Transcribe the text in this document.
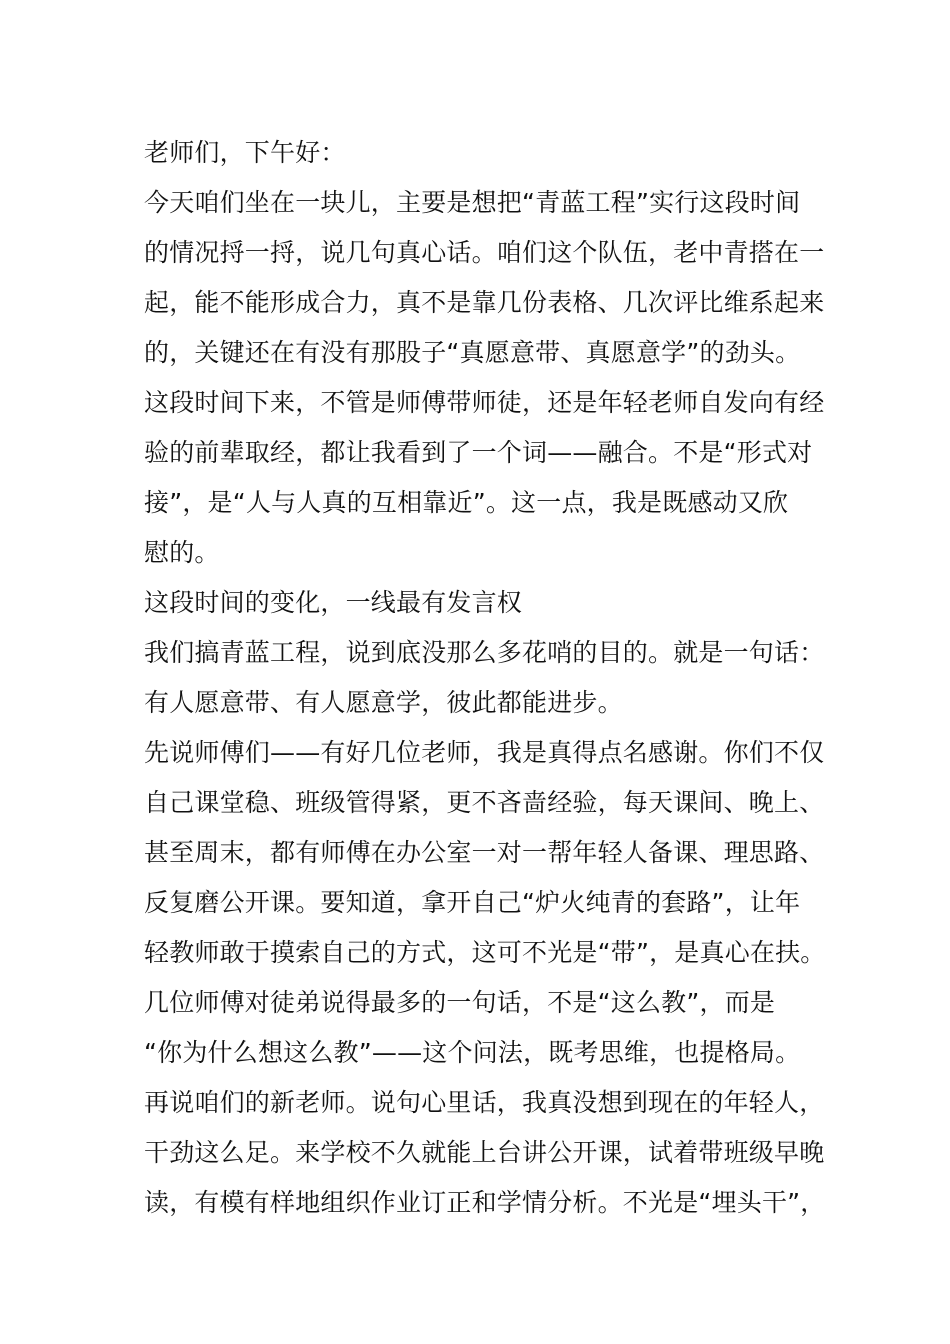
老师们，下午好：
今天咱们坐在一块儿，主要是想把“青蓝工程”实行这段时间
的情况捋一捋，说几句真心话。咱们这个队伍，老中青搭在一
起，能不能形成合力，真不是靠几份表格、几次评比维系起来
的，关键还在有没有那股子“真愿意带、真愿意学”的劲头。
这段时间下来，不管是师傅带师徒，还是年轻老师自发向有经
验的前辈取经，都让我看到了一个词——融合。不是“形式对
接”，是“人与人真的互相靠近”。这一点，我是既感动又欣
慰的。
这段时间的变化，一线最有发言权
我们搞青蓝工程，说到底没那么多花哨的目的。就是一句话：
有人愿意带、有人愿意学，彼此都能进步。
先说师傅们——有好几位老师，我是真得点名感谢。你们不仅
自己课堂稳、班级管得紧，更不吝啬经验，每天课间、晚上、
甚至周末，都有师傅在办公室一对一帮年轻人备课、理思路、
反复磨公开课。要知道，拿开自己“炉火纯青的套路”，让年
轻教师敢于摸索自己的方式，这可不光是“带”，是真心在扶。
几位师傅对徒弟说得最多的一句话，不是“这么教”，而是
“你为什么想这么教”——这个问法，既考思维，也提格局。
再说咱们的新老师。说句心里话，我真没想到现在的年轻人，
干劲这么足。来学校不久就能上台讲公开课，试着带班级早晚
读，有模有样地组织作业订正和学情分析。不光是“埋头干”，
